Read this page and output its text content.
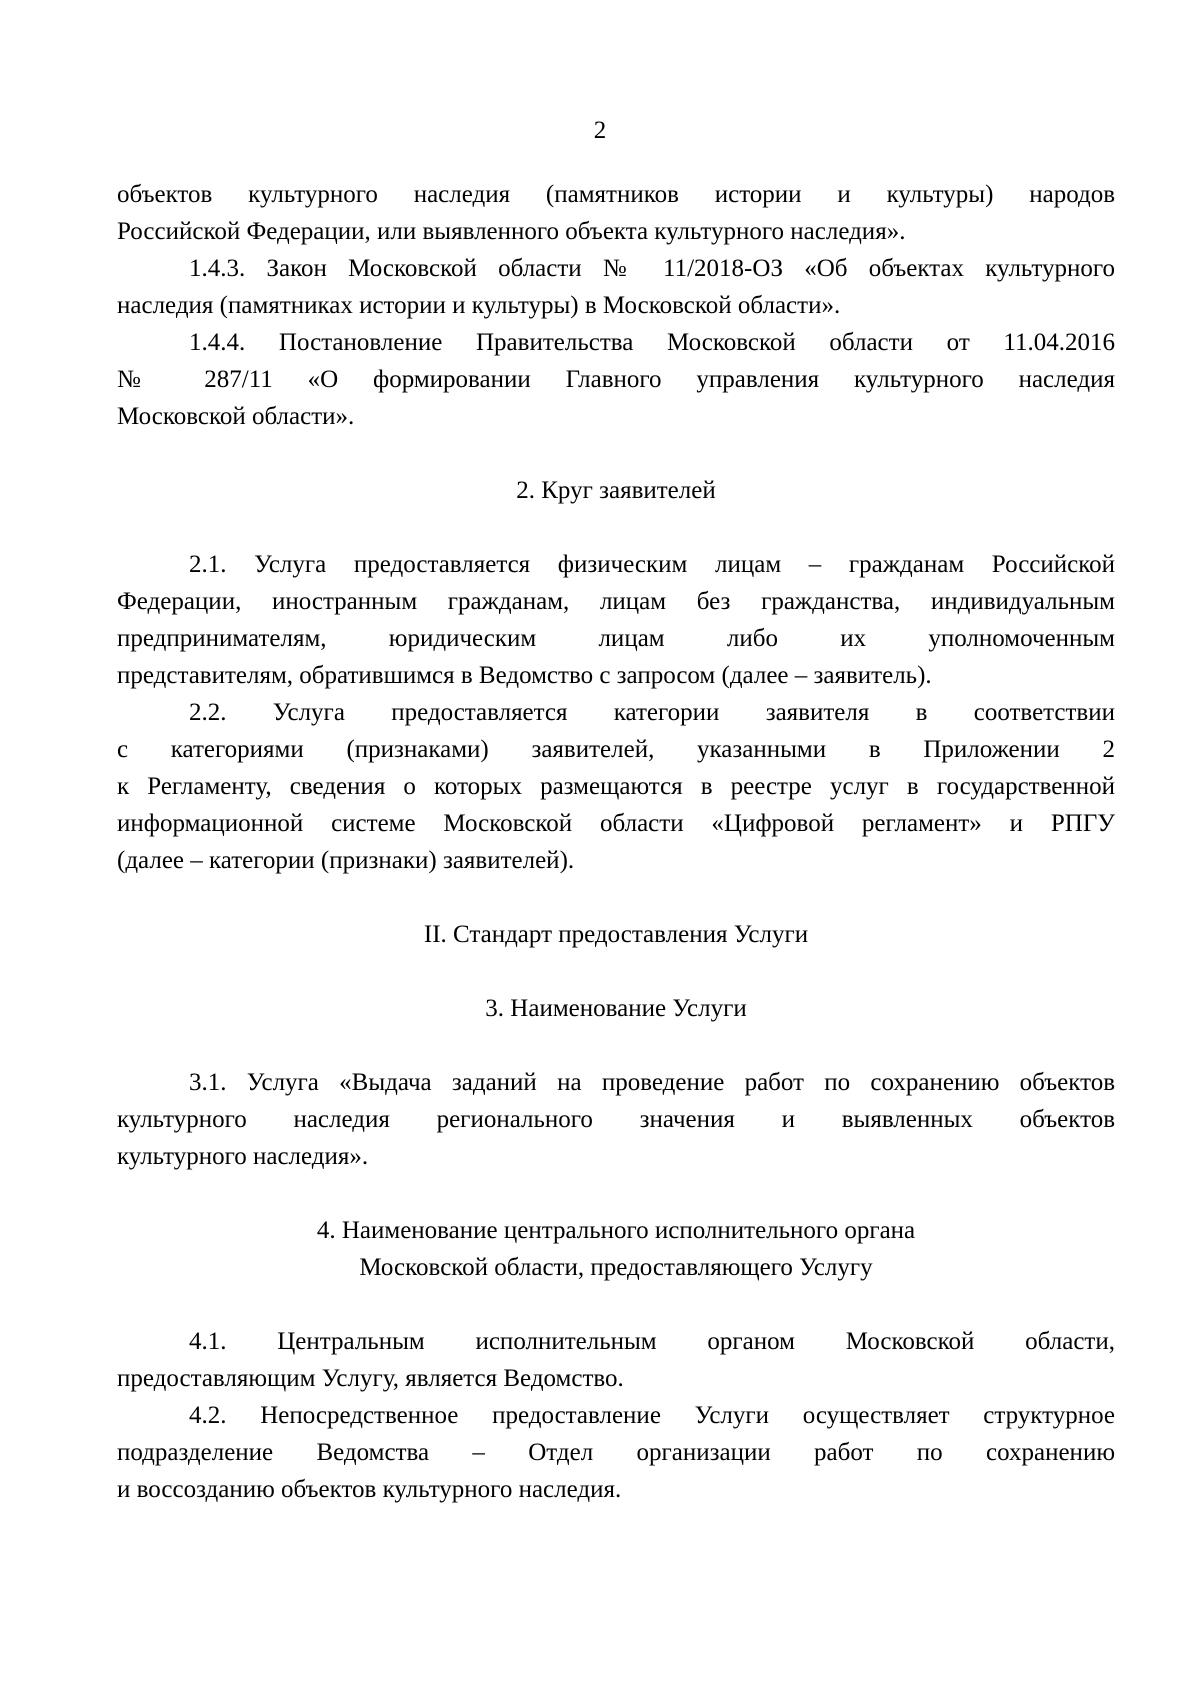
2

объектов культурного наследия (памятников истории и культуры) народов
Российской Федерации, или выявленного объекта культурного наследия».
1.4.3. Закон Московской области № 11/2018-ОЗ «Об объектах культурного
наследия (памятниках истории и культуры) в Московской области».
1.4.4. Постановление Правительства Московской области от 11.04.2016
№ 287/11 «О формировании Главного управления культурного наследия
Московской области».

2. Круг заявителей

2.1. Услуга предоставляется физическим лицам – гражданам Российской
Федерации, иностранным гражданам, лицам без гражданства, индивидуальным
предпринимателям, юридическим лицам либо их уполномоченным
представителям, обратившимся в Ведомство с запросом (далее – заявитель).
2.2. Услуга предоставляется категории заявителя в соответствии
с категориями (признаками) заявителей, указанными в Приложении 2
к Регламенту, сведения о которых размещаются в реестре услуг в государственной
информационной системе Московской области «Цифровой регламент» и РПГУ
(далее – категории (признаки) заявителей).

II. Стандарт предоставления Услуги

3. Наименование Услуги

3.1. Услуга «Выдача заданий на проведение работ по сохранению объектов
культурного наследия регионального значения и выявленных объектов
культурного наследия».
4. Наименование центрального исполнительного органа
Московской области, предоставляющего Услугу
4.1. Центральным исполнительным органом Московской области,
предоставляющим Услугу, является Ведомство.
4.2. Непосредственное предоставление Услуги осуществляет структурное
подразделение Ведомства – Отдел организации работ по сохранению
и воссозданию объектов культурного наследия.
